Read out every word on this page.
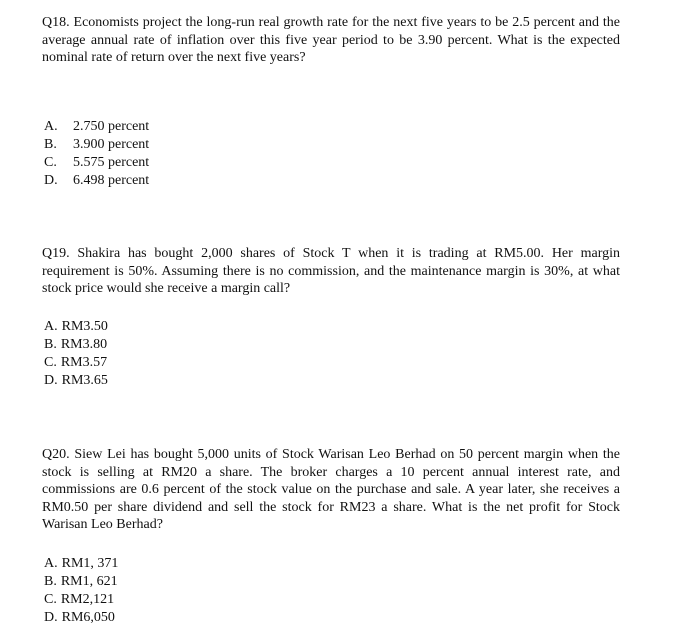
Q18. Economists project the long-run real growth rate for the next five years to be 2.5 percent and the average annual rate of inflation over this five year period to be 3.90 percent. What is the expected nominal rate of return over the next five years?

A. 2.750 percent
B. 3.900 percent
C. 5.575 percent
D. 6.498 percent

Q19. Shakira has bought 2,000 shares of Stock T when it is trading at RM5.00. Her margin requirement is 50%. Assuming there is no commission, and the maintenance margin is 30%, at what stock price would she receive a margin call?

A. RM3.50
B. RM3.80
C. RM3.57
D. RM3.65

Q20. Siew Lei has bought 5,000 units of Stock Warisan Leo Berhad on 50 percent margin when the stock is selling at RM20 a share. The broker charges a 10 percent annual interest rate, and commissions are 0.6 percent of the stock value on the purchase and sale. A year later, she receives a RM0.50 per share dividend and sell the stock for RM23 a share. What is the net profit for Stock Warisan Leo Berhad?

A. RM1, 371
B. RM1, 621
C. RM2,121
D. RM6,050
